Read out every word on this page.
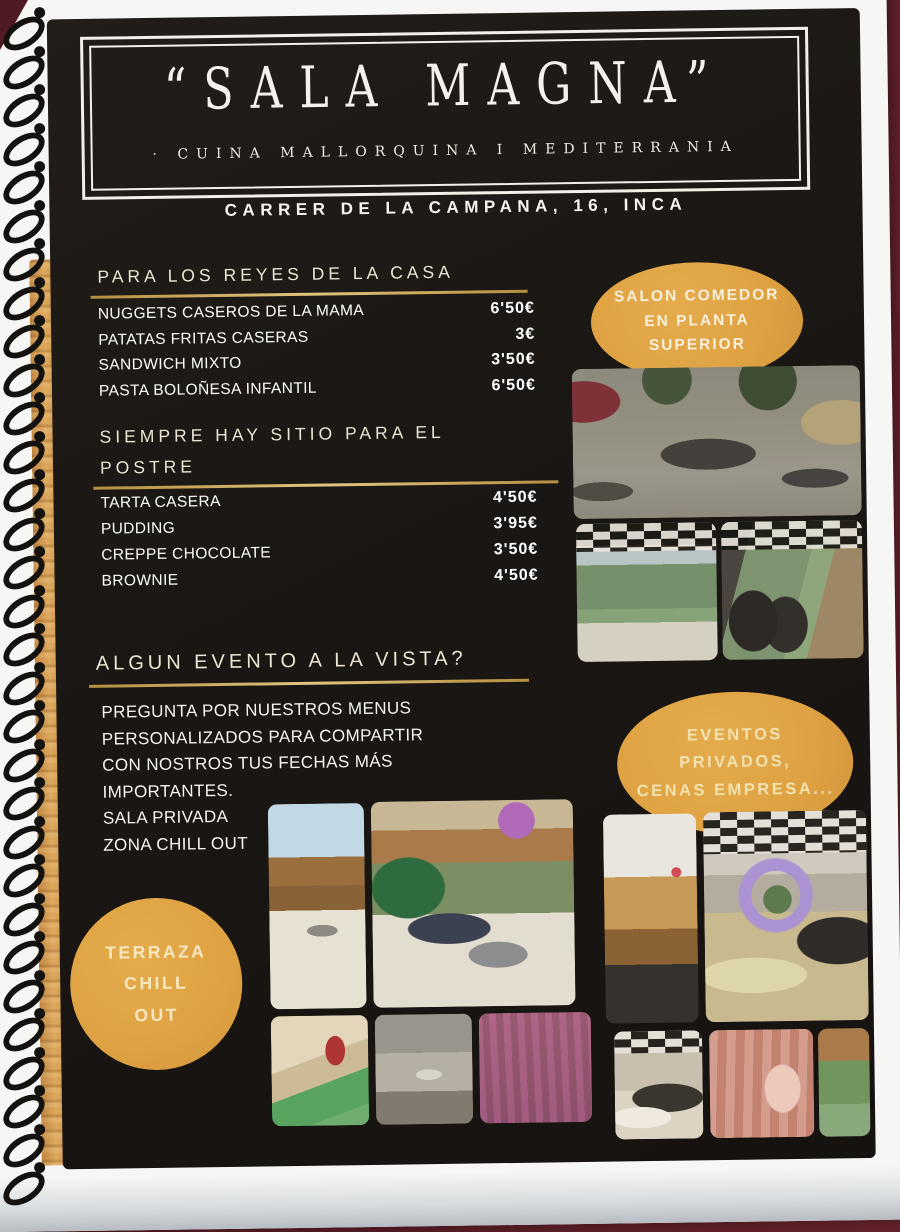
“SALA MAGNA”
· CUINA MALLORQUINA I MEDITERRANIA
CARRER DE LA CAMPANA, 16, INCA
PARA LOS REYES DE LA CASA
NUGGETS CASEROS DE LA MAMA	6'50€
PATATAS FRITAS CASERAS	3€
SANDWICH MIXTO	3'50€
PASTA BOLOÑESA INFANTIL	6'50€
SIEMPRE HAY SITIO PARA EL
POSTRE
TARTA CASERA	4'50€
PUDDING	3'95€
CREPPE CHOCOLATE	3'50€
BROWNIE	4'50€
ALGUN EVENTO A LA VISTA?
PREGUNTA POR NUESTROS MENUS
PERSONALIZADOS PARA COMPARTIR
CON NOSTROS TUS FECHAS MÁS
IMPORTANTES.
SALA PRIVADA
ZONA CHILL OUT
SALON COMEDOR
EN PLANTA
SUPERIOR
EVENTOS
PRIVADOS,
CENAS EMPRESA...
TERRAZA
CHILL
OUT
